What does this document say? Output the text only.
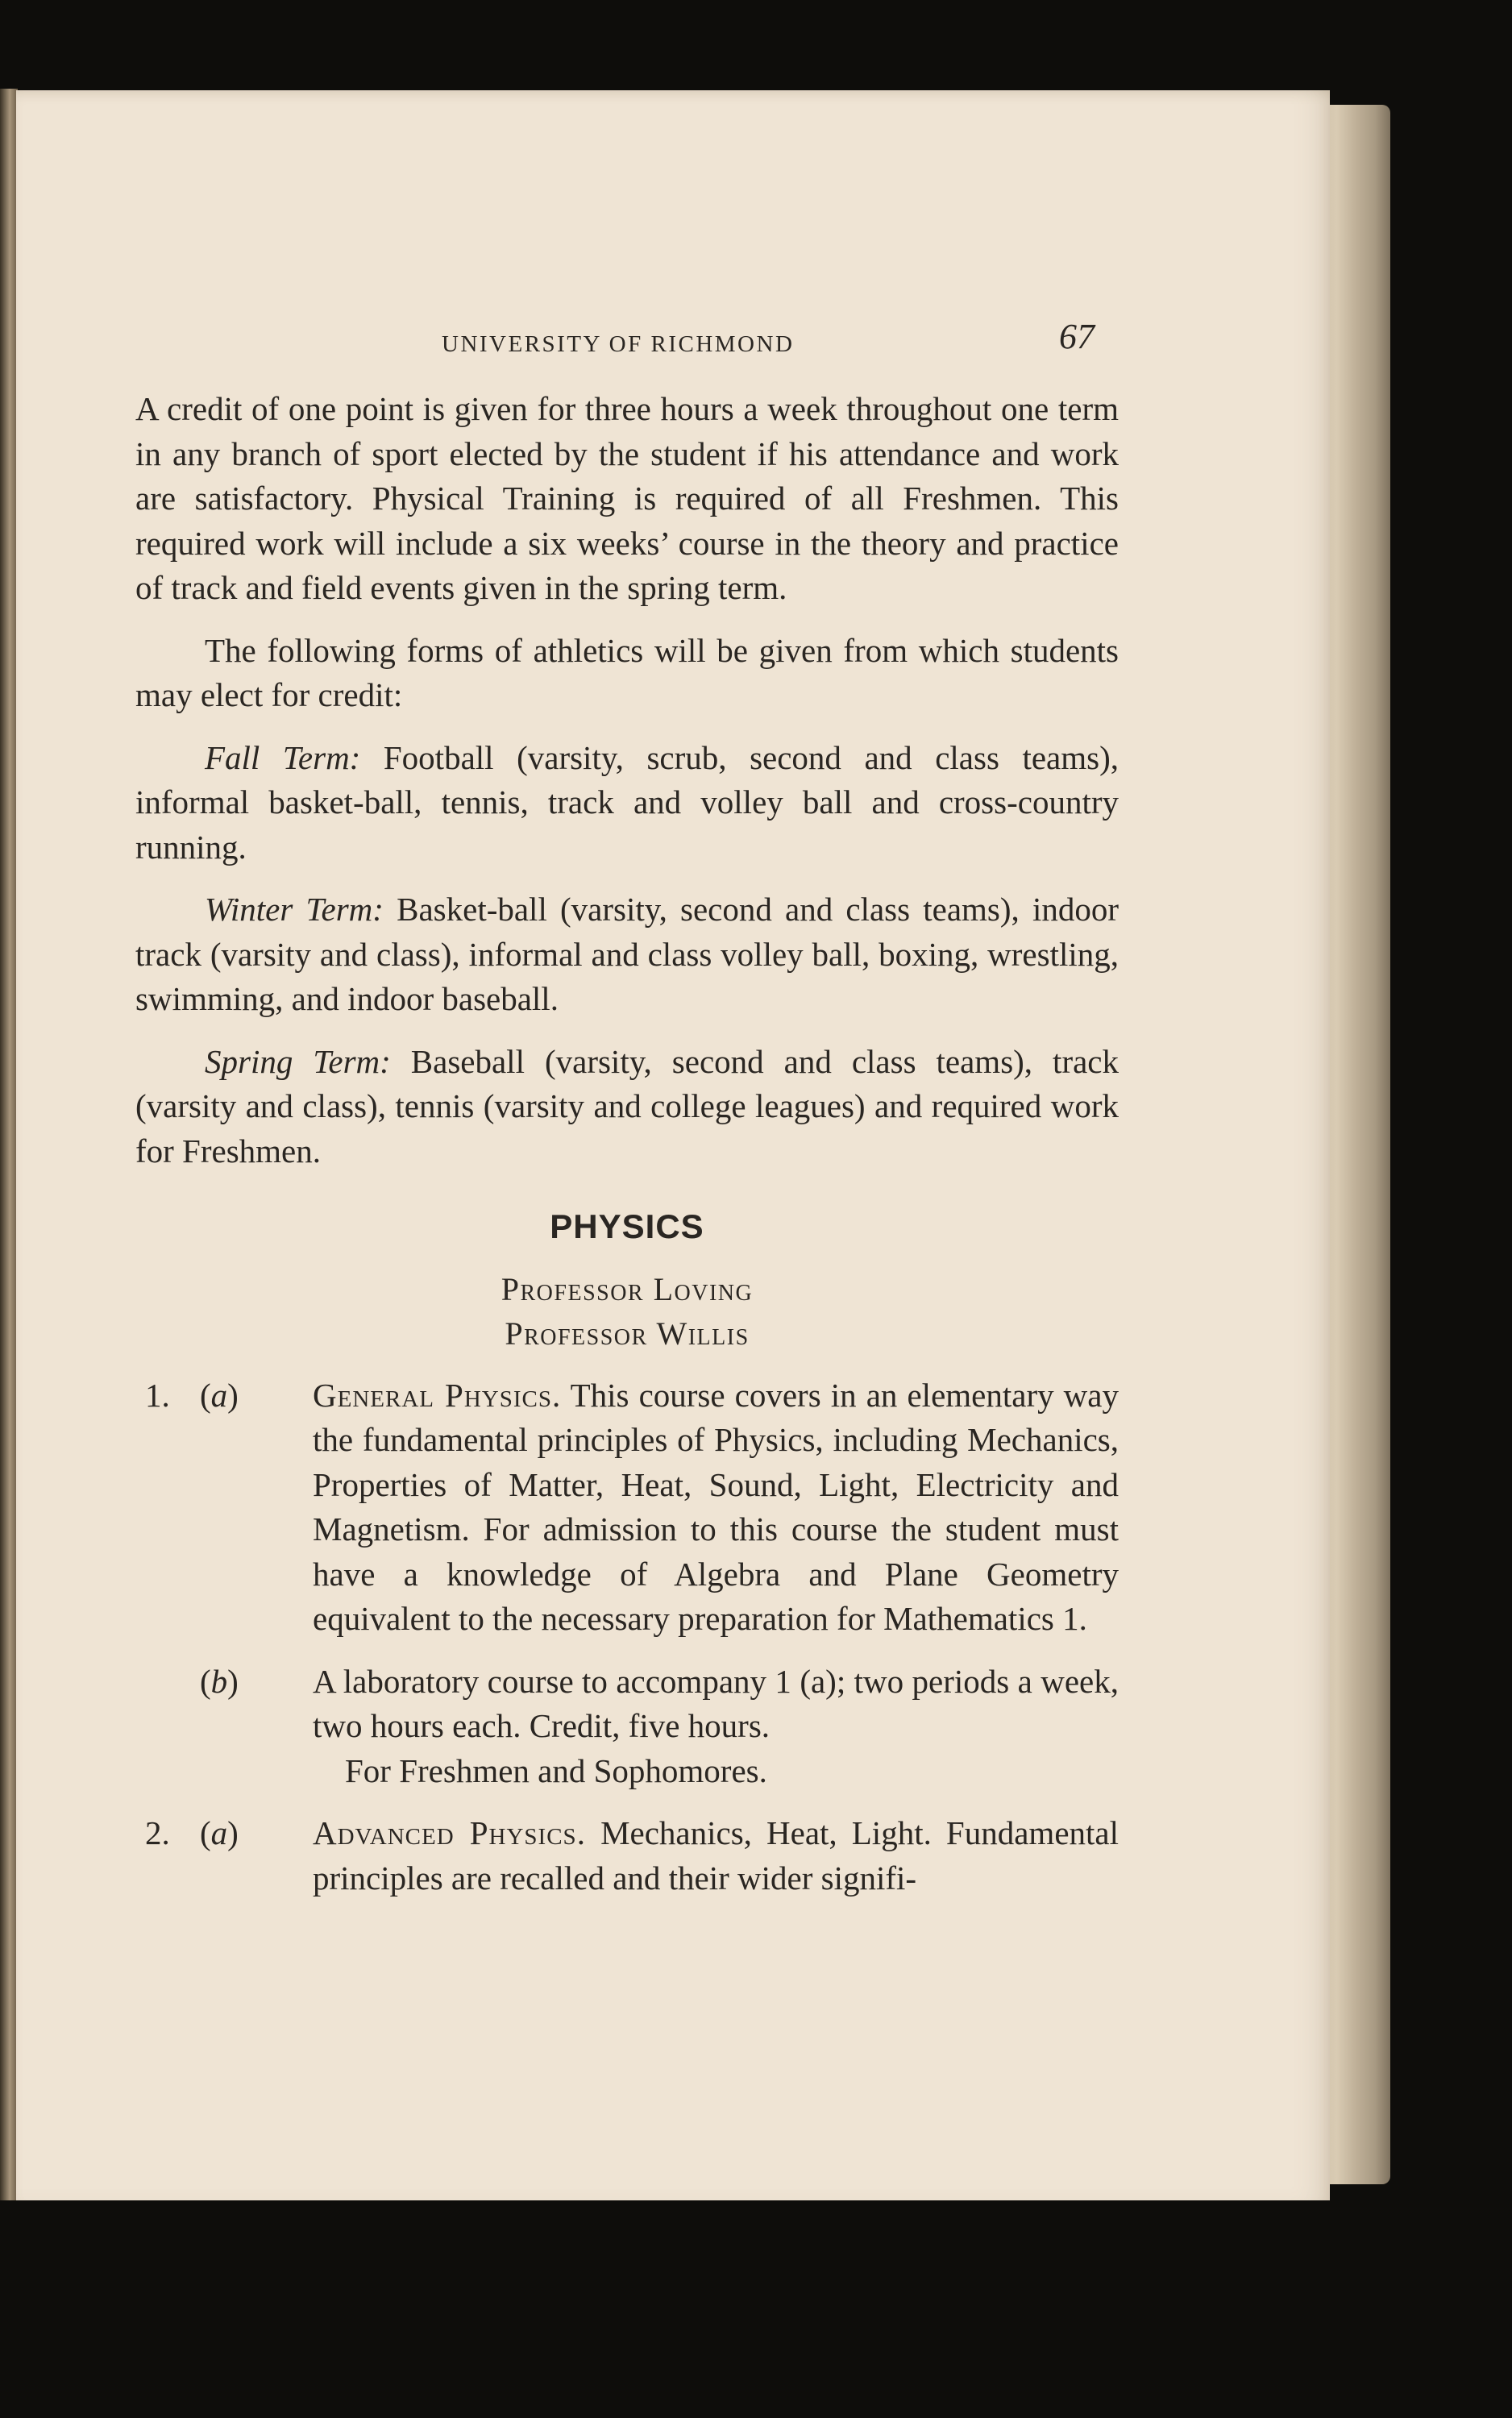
UNIVERSITY OF RICHMOND	67

A credit of one point is given for three hours a week throughout one term in any branch of sport elected by the student if his attendance and work are satisfactory. Physical Training is required of all Freshmen. This required work will include a six weeks’ course in the theory and practice of track and field events given in the spring term.

The following forms of athletics will be given from which students may elect for credit:

Fall Term: Football (varsity, scrub, second and class teams), informal basket-ball, tennis, track and volley ball and cross-country running.

Winter Term: Basket-ball (varsity, second and class teams), indoor track (varsity and class), informal and class volley ball, boxing, wrestling, swimming, and indoor baseball.

Spring Term: Baseball (varsity, second and class teams), track (varsity and class), tennis (varsity and college leagues) and required work for Freshmen.

PHYSICS
Professor Loving
Professor Willis
1. (a) General Physics. This course covers in an elementary way the fundamental principles of Physics, including Mechanics, Properties of Matter, Heat, Sound, Light, Electricity and Magnetism. For admission to this course the student must have a knowledge of Algebra and Plane Geometry equivalent to the necessary preparation for Mathematics 1.

(b) A laboratory course to accompany 1 (a); two periods a week, two hours each. Credit, five hours.

For Freshmen and Sophomores.

2. (a) Advanced Physics. Mechanics, Heat, Light. Fundamental principles are recalled and their wider signifi-
